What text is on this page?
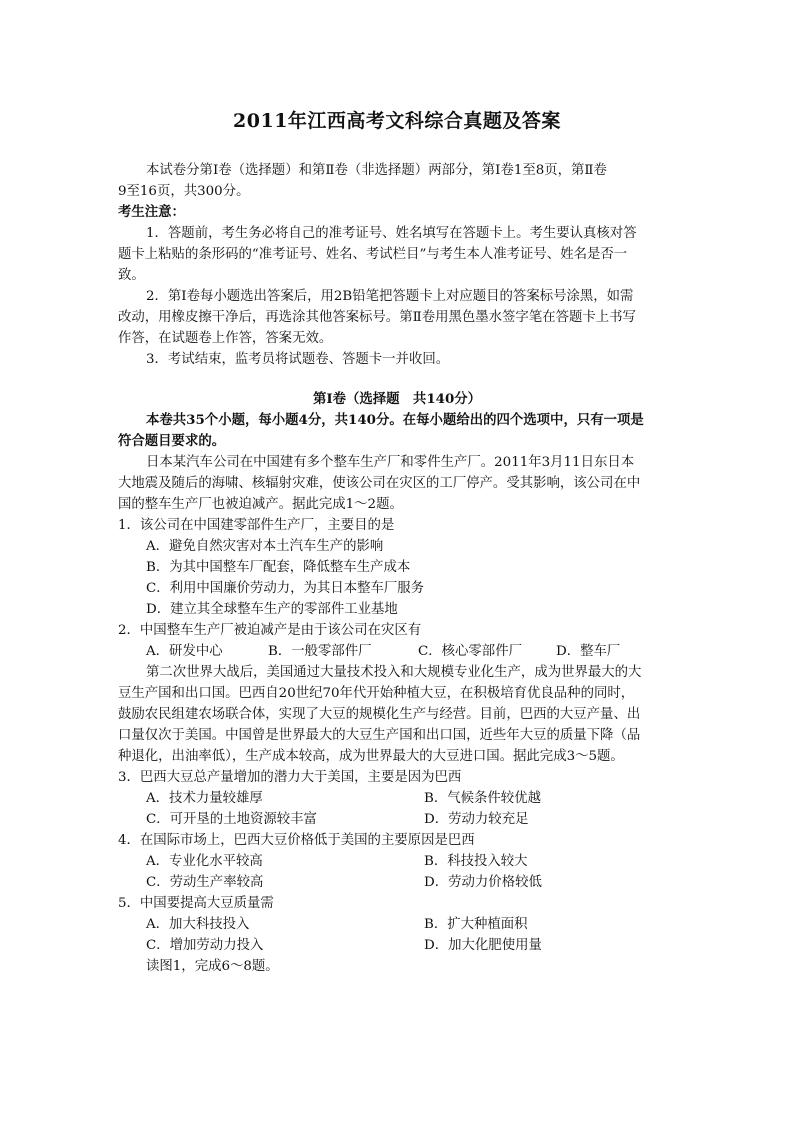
2011年江西高考文科综合真题及答案
本试卷分第Ⅰ卷（选择题）和第Ⅱ卷（非选择题）两部分，第Ⅰ卷1至8页，第Ⅱ卷
9至16页，共300分。
考生注意：
1．答题前，考生务必将自己的准考证号、姓名填写在答题卡上。考生要认真核对答
题卡上粘贴的条形码的“准考证号、姓名、考试栏目”与考生本人准考证号、姓名是否一
致。
2．第Ⅰ卷每小题选出答案后，用2B铅笔把答题卡上对应题目的答案标号涂黑，如需
改动，用橡皮擦干净后，再选涂其他答案标号。第Ⅱ卷用黑色墨水签字笔在答题卡上书写
作答，在试题卷上作答，答案无效。
3．考试结束，监考员将试题卷、答题卡一并收回。
第Ⅰ卷（选择题　共140分）
本卷共35个小题，每小题4分，共140分。在每小题给出的四个选项中，只有一项是
符合题目要求的。
日本某汽车公司在中国建有多个整车生产厂和零件生产厂。2011年3月11日东日本
大地震及随后的海啸、核辐射灾难，使该公司在灾区的工厂停产。受其影响，该公司在中
国的整车生产厂也被迫减产。据此完成1～2题。
1．该公司在中国建零部件生产厂，主要目的是
A．避免自然灾害对本土汽车生产的影响
B．为其中国整车厂配套，降低整车生产成本
C．利用中国廉价劳动力，为其日本整车厂服务
D．建立其全球整车生产的零部件工业基地
2．中国整车生产厂被迫减产是由于该公司在灾区有
A．研发中心	B．一般零部件厂	C．核心零部件厂	D．整车厂
第二次世界大战后，美国通过大量技术投入和大规模专业化生产，成为世界最大的大
豆生产国和出口国。巴西自20世纪70年代开始种植大豆，在积极培育优良品种的同时，
鼓励农民组建农场联合体，实现了大豆的规模化生产与经营。目前，巴西的大豆产量、出
口量仅次于美国。中国曾是世界最大的大豆生产国和出口国，近些年大豆的质量下降（品
种退化，出油率低），生产成本较高，成为世界最大的大豆进口国。据此完成3～5题。
3．巴西大豆总产量增加的潜力大于美国，主要是因为巴西
A．技术力量较雄厚	B．气候条件较优越
C．可开垦的土地资源较丰富	D．劳动力较充足
4．在国际市场上，巴西大豆价格低于美国的主要原因是巴西
A．专业化水平较高	B．科技投入较大
C．劳动生产率较高	D．劳动力价格较低
5．中国要提高大豆质量需
A．加大科技投入	B．扩大种植面积
C．增加劳动力投入	D．加大化肥使用量
读图1，完成6～8题。
